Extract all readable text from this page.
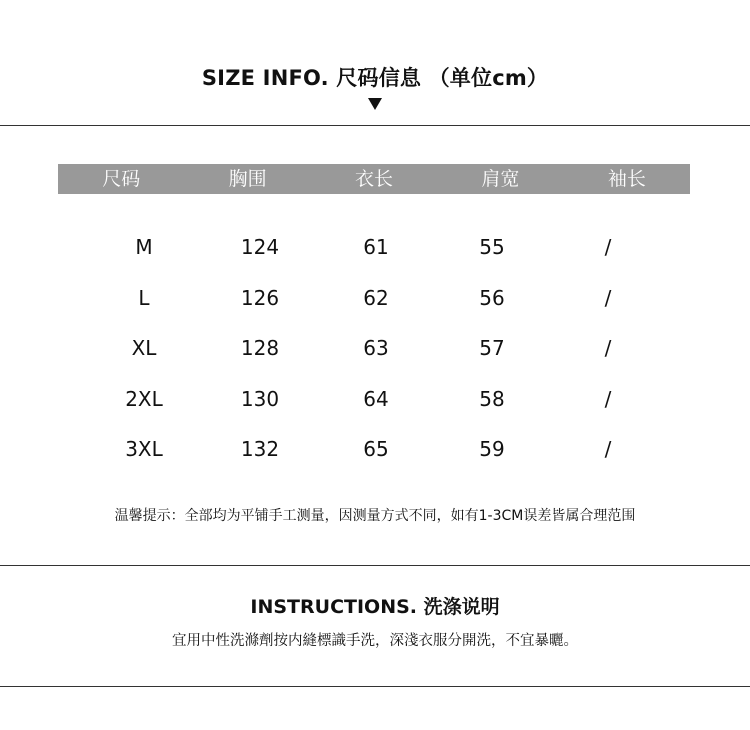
SIZE INFO. 尺码信息 （单位cm）
尺码	胸围	衣长	肩宽	袖长
M	124	61	55	/
L	126	62	56	/
XL	128	63	57	/
2XL	130	64	58	/
3XL	132	65	59	/
温馨提示：全部均为平铺手工测量，因测量方式不同，如有1-3CM误差皆属合理范围
INSTRUCTIONS. 洗涤说明
宜用中性洗滌劑按内縫標識手洗，深淺衣服分開洗，不宜暴曬。
